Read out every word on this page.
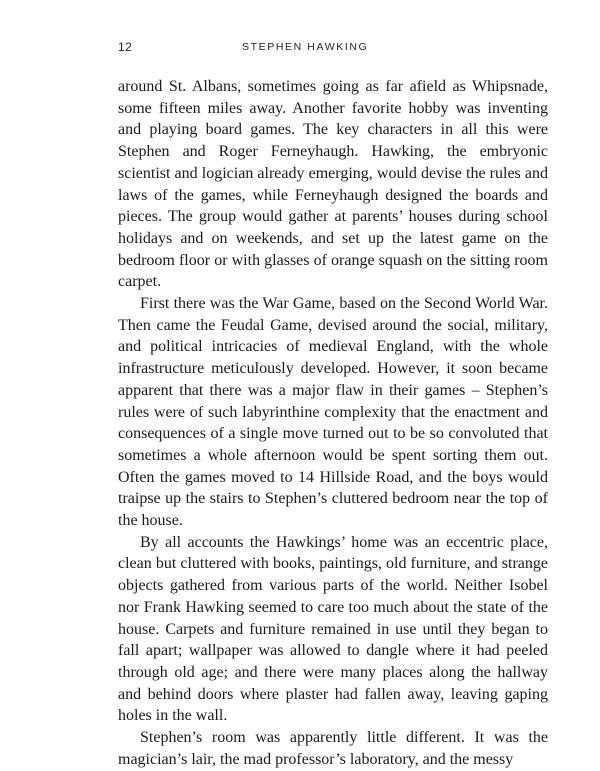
12	STEPHEN HAWKING

around St. Albans, sometimes going as far afield as Whipsnade, some fifteen miles away. Another favorite hobby was inventing and playing board games. The key characters in all this were Stephen and Roger Ferneyhaugh. Hawking, the embryonic scientist and logician already emerging, would devise the rules and laws of the games, while Ferneyhaugh designed the boards and pieces. The group would gather at parents’ houses during school holidays and on weekends, and set up the latest game on the bedroom floor or with glasses of orange squash on the sitting room carpet.

First there was the War Game, based on the Second World War. Then came the Feudal Game, devised around the social, military, and political intricacies of medieval England, with the whole infrastructure meticulously developed. However, it soon became apparent that there was a major flaw in their games – Stephen’s rules were of such labyrinthine complexity that the enactment and consequences of a single move turned out to be so convoluted that sometimes a whole afternoon would be spent sorting them out. Often the games moved to 14 Hillside Road, and the boys would traipse up the stairs to Stephen’s cluttered bedroom near the top of the house.

By all accounts the Hawkings’ home was an eccentric place, clean but cluttered with books, paintings, old furniture, and strange objects gathered from various parts of the world. Neither Isobel nor Frank Hawking seemed to care too much about the state of the house. Carpets and furniture remained in use until they began to fall apart; wallpaper was allowed to dangle where it had peeled through old age; and there were many places along the hallway and behind doors where plaster had fallen away, leaving gaping holes in the wall.

Stephen’s room was apparently little different. It was the magician’s lair, the mad professor’s laboratory, and the messy
